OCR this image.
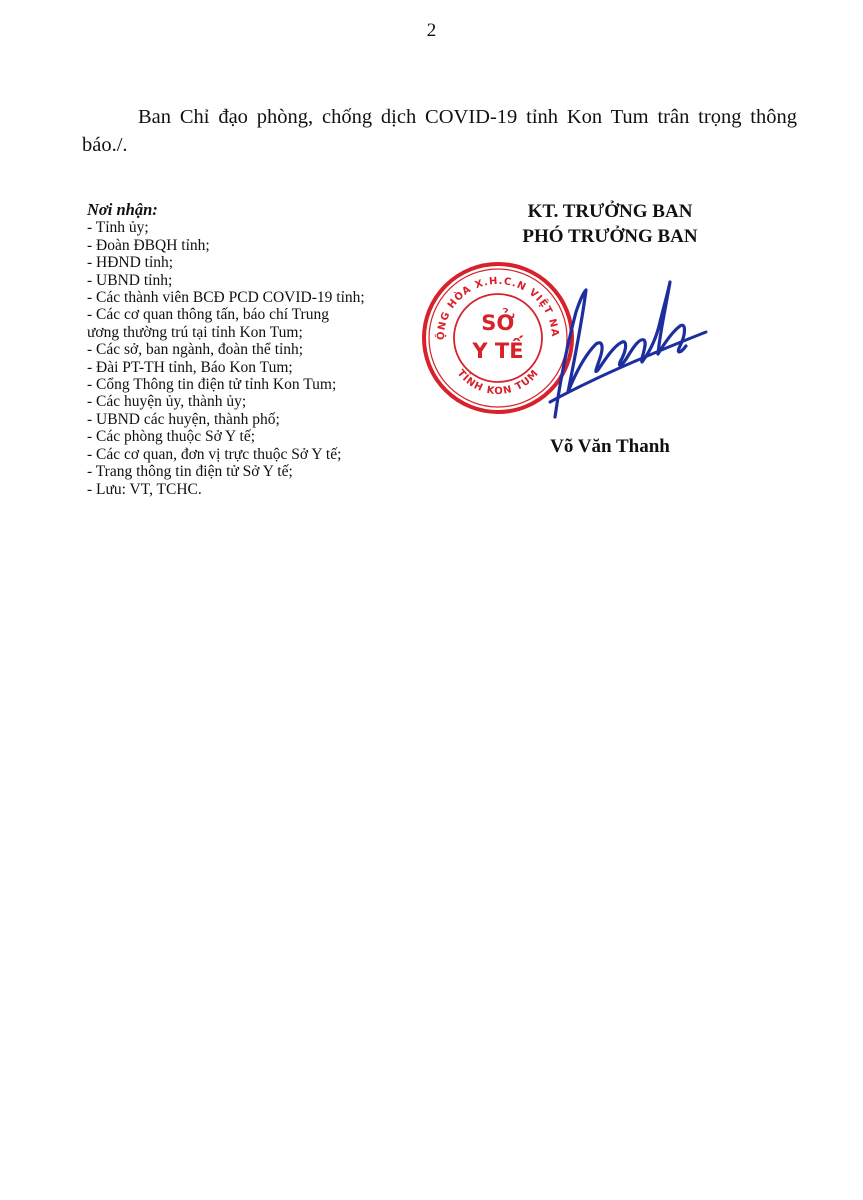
2
Ban Chỉ đạo phòng, chống dịch COVID-19 tỉnh Kon Tum trân trọng thông báo./.
Nơi nhận:
- Tỉnh ủy;
- Đoàn ĐBQH tỉnh;
- HĐND tỉnh;
- UBND tỉnh;
- Các thành viên BCĐ PCD COVID-19 tỉnh;
- Các cơ quan thông tấn, báo chí Trung
ương thường trú tại tỉnh Kon Tum;
- Các sở, ban ngành, đoàn thể tỉnh;
- Đài PT-TH tỉnh, Báo Kon Tum;
- Cổng Thông tin điện tử tỉnh Kon Tum;
- Các huyện ủy, thành ủy;
- UBND các huyện, thành phố;
- Các phòng thuộc Sở Y tế;
- Các cơ quan, đơn vị trực thuộc Sở Y tế;
- Trang thông tin điện tử Sở Y tế;
- Lưu: VT, TCHC.
KT. TRƯỞNG BAN
PHÓ TRƯỞNG BAN
ỘNG HÒA X.H.C.N VIỆT NA
TỈNH KON TUM
SỞ
Y TẾ
Võ Văn Thanh
